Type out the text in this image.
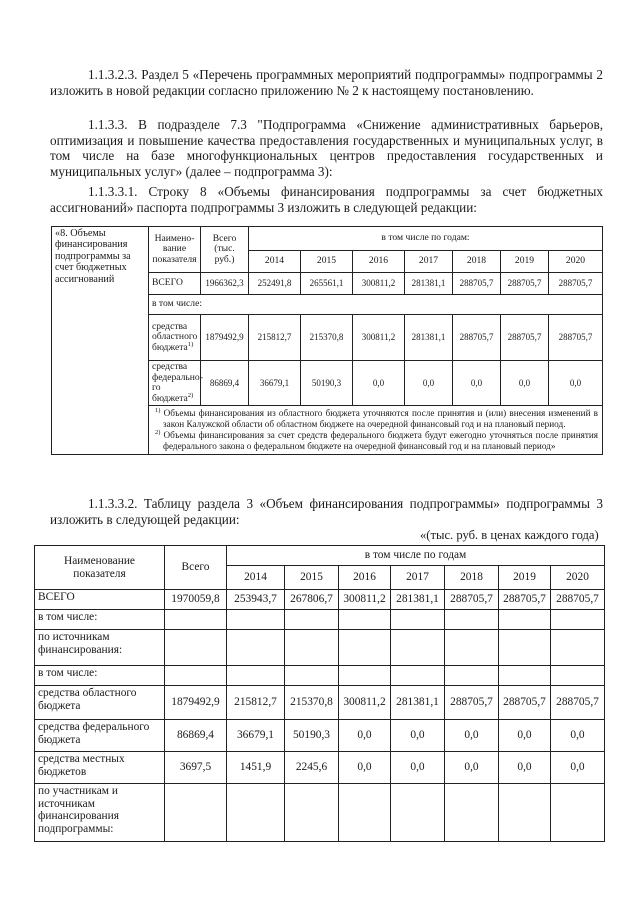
1.1.3.2.3. Раздел 5 «Перечень программных мероприятий подпрограммы» подпрограммы 2 изложить в новой редакции согласно приложению № 2 к настоящему постановлению.

1.1.3.3. В подразделе 7.3 "Подпрограмма «Снижение административных барьеров, оптимизация и повышение качества предоставления государственных и муниципальных услуг, в том числе на базе многофункциональных центров предоставления государственных и муниципальных услуг» (далее – подпрограмма 3):

1.1.3.3.1. Строку 8 «Объемы финансирования подпрограммы за счет бюджетных ассигнований» паспорта подпрограммы 3 изложить в следующей редакции:

«8. Объемы финансирования подпрограммы за счет бюджетных ассигнований	Наимено-вание показателя	Всего (тыс. руб.)	в том числе по годам:						
			2014	2015	2016	2017	2018	2019	2020
	ВСЕГО	1966362,3	252491,8	265561,1	300811,2	281381,1	288705,7	288705,7	288705,7
	в том числе:								
	средства областного бюджета$^{1)}$	1879492,9	215812,7	215370,8	300811,2	281381,1	288705,7	288705,7	288705,7
	средства федерально-го бюджета$^{2)}$	86869,4	36679,1	50190,3	0,0	0,0	0,0	0,0	0,0

	$^{1)}$ Объемы финансирования из областного бюджета уточняются после принятия и (или) внесения изменений в закон Калужской области об областном бюджете на очередной финансовый год и на плановый период.
$^{2)}$ Объемы финансирования за счет средств федерального бюджета будут ежегодно уточняться после принятия федерального закона о федеральном бюджете на очередной финансовый год и на плановый период»								

1.1.3.3.2. Таблицу раздела 3 «Объем финансирования подпрограммы» подпрограммы 3 изложить в следующей редакции:

«(тыс. руб. в ценах каждого года)
Наименование показателя	Всего	в том числе по годам						
		2014	2015	2016	2017	2018	2019	2020
ВСЕГО	1970059,8	253943,7	267806,7	300811,2	281381,1	288705,7	288705,7	288705,7
в том числе:								
по источникам финансирования:								
в том числе:								
средства областного бюджета	1879492,9	215812,7	215370,8	300811,2	281381,1	288705,7	288705,7	288705,7
средства федерального бюджета	86869,4	36679,1	50190,3	0,0	0,0	0,0	0,0	0,0
средства местных бюджетов	3697,5	1451,9	2245,6	0,0	0,0	0,0	0,0	0,0
по участникам и источникам финансирования подпрограммы:								
